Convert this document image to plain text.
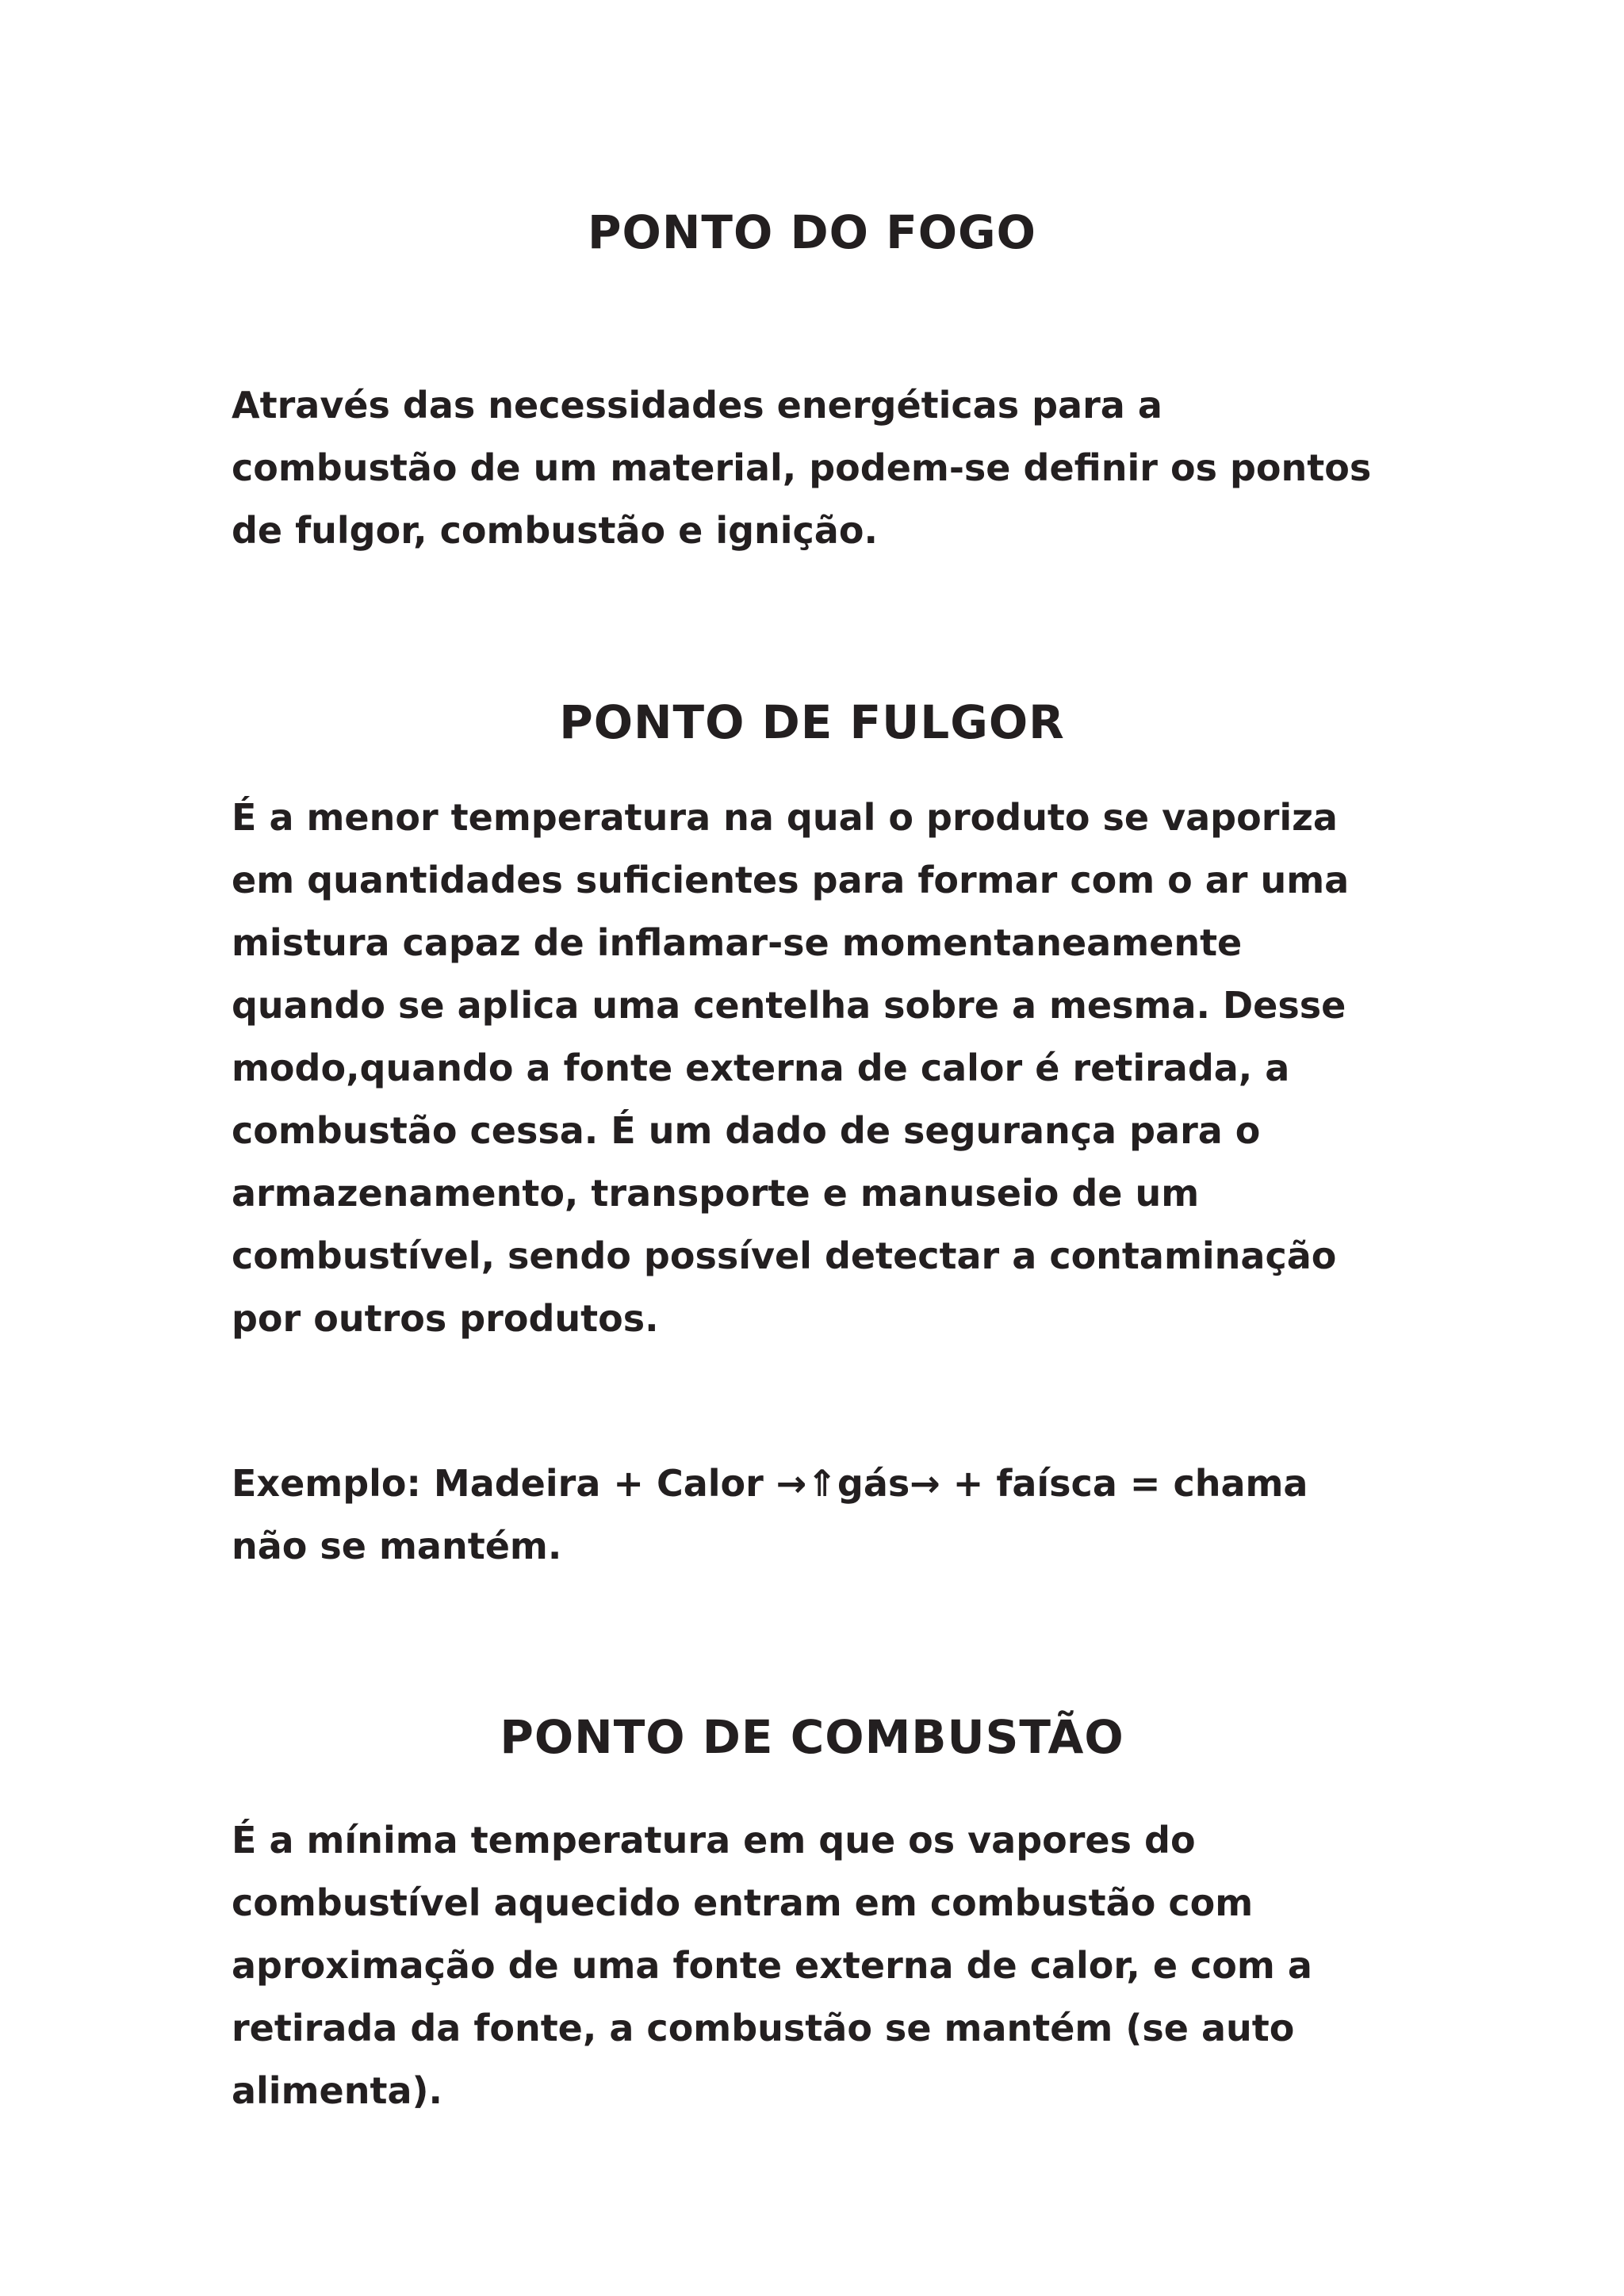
PONTO DO FOGO

Através das necessidades energéticas para a
combustão de um material, podem-se definir os pontos
de fulgor, combustão e ignição.

PONTO DE FULGOR

É a menor temperatura na qual o produto se vaporiza
em quantidades suficientes para formar com o ar uma
mistura capaz de inflamar-se momentaneamente
quando se aplica uma centelha sobre a mesma. Desse
modo,quando a fonte externa de calor é retirada, a
combustão cessa. É um dado de segurança para o
armazenamento, transporte e manuseio de um
combustível, sendo possível detectar a contaminação
por outros produtos.

Exemplo: Madeira + Calor →⇑gás→ + faísca = chama
não se mantém.

PONTO DE COMBUSTÃO

É a mínima temperatura em que os vapores do
combustível aquecido entram em combustão com
aproximação de uma fonte externa de calor, e com a
retirada da fonte, a combustão se mantém (se auto
alimenta).
